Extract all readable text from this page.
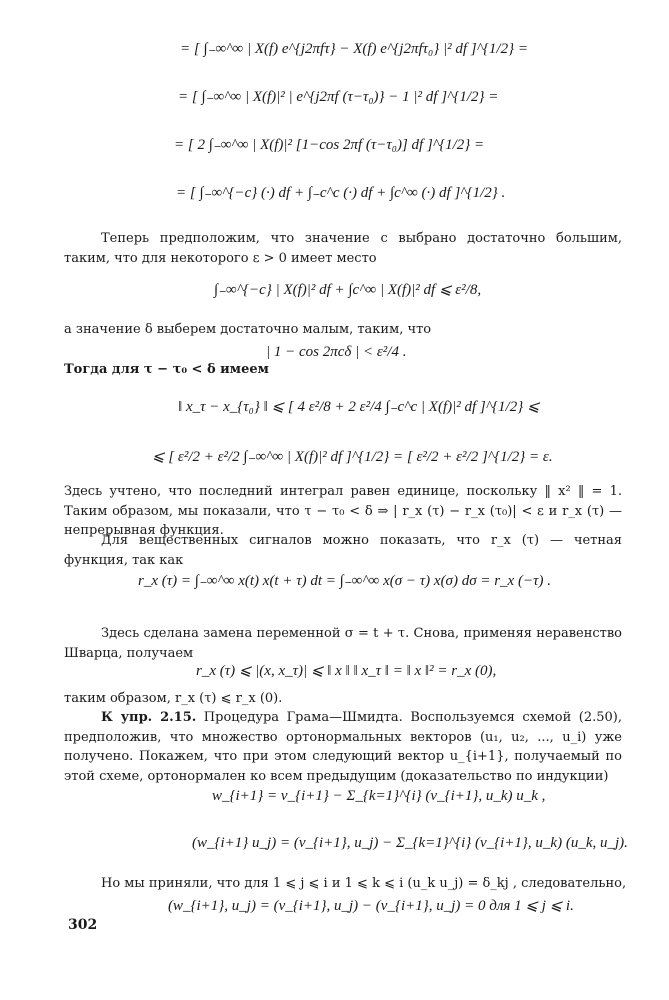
= [ ∫₋∞^∞ | X(f) e^{j2πfτ} − X(f) e^{j2πfτ₀} |² df ]^{1/2} =
= [ ∫₋∞^∞ | X(f)|² | e^{j2πf (τ−τ₀)} − 1 |² df ]^{1/2} =
= [ 2 ∫₋∞^∞ | X(f)|² [1−cos 2πf (τ−τ₀)] df ]^{1/2} =
= [ ∫₋∞^{−c} (·) df + ∫₋c^c (·) df + ∫c^∞ (·) df ]^{1/2} .
Теперь предположим, что значение c выбрано достаточно большим, таким, что для некоторого ε > 0 имеет место
∫₋∞^{−c} | X(f)|² df + ∫c^∞ | X(f)|² df ⩽ ε²/8,
а значение δ выберем достаточно малым, таким, что
| 1 − cos 2πcδ | < ε²/4 .
Тогда для τ − τ₀ < δ имеем
‖ x_τ − x_{τ₀} ‖ ⩽ [ 4 ε²/8 + 2 ε²/4 ∫₋c^c | X(f)|² df ]^{1/2} ⩽
⩽ [ ε²/2 + ε²/2 ∫₋∞^∞ | X(f)|² df ]^{1/2} = [ ε²/2 + ε²/2 ]^{1/2} = ε.
Здесь учтено, что последний интеграл равен единице, поскольку ‖ x² ‖ = 1. Таким образом, мы показали, что τ − τ₀ < δ ⇒ | r_x (τ) − r_x (τ₀)| < ε и r_x (τ) — непрерывная функция.
Для вещественных сигналов можно показать, что r_x (τ) — четная функция, так как
r_x (τ) = ∫₋∞^∞ x(t) x(t + τ) dt = ∫₋∞^∞ x(σ − τ) x(σ) dσ = r_x (−τ) .
Здесь сделана замена переменной σ = t + τ. Снова, применяя неравенство Шварца, получаем
r_x (τ) ⩽ |(x, x_τ)| ⩽ ‖ x ‖ ‖ x_τ ‖ = ‖ x ‖² = r_x (0),
таким образом, r_x (τ) ⩽ r_x (0).
К упр. 2.15. Процедура Грама—Шмидта. Воспользуемся схемой (2.50), предположив, что множество ортонормальных векторов (u₁, u₂, ..., u_i) уже получено. Покажем, что при этом следующий вектор u_{i+1}, получаемый по этой схеме, ортонормален ко всем предыдущим (доказательство по индукции)
w_{i+1} = v_{i+1} − Σ_{k=1}^{i} (v_{i+1}, u_k) u_k ,
(w_{i+1} u_j) = (v_{i+1}, u_j) − Σ_{k=1}^{i} (v_{i+1}, u_k) (u_k, u_j).
Но мы приняли, что для 1 ⩽ j ⩽ i и 1 ⩽ k ⩽ i (u_k u_j) = δ_kj , следовательно,
(w_{i+1}, u_j) = (v_{i+1}, u_j) − (v_{i+1}, u_j) = 0 для 1 ⩽ j ⩽ i.
302
